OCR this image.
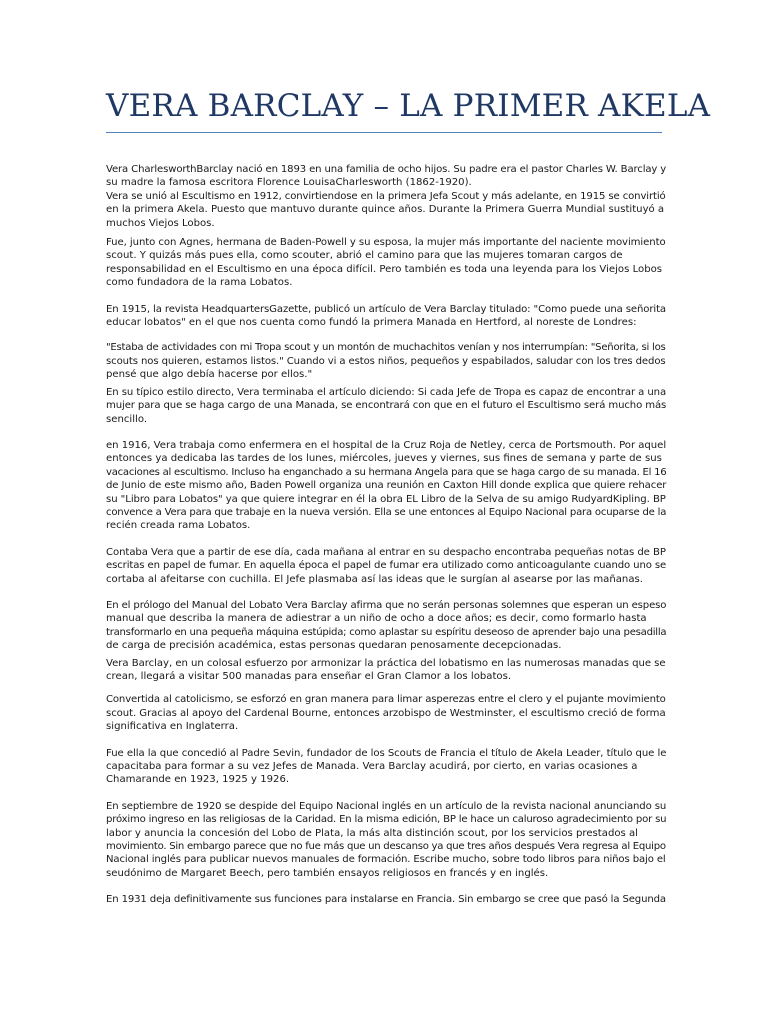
VERA BARCLAY – LA PRIMER AKELA

Vera CharlesworthBarclay nació en 1893 en una familia de ocho hijos. Su padre era el pastor Charles W. Barclay y
su madre la famosa escritora Florence LouisaCharlesworth (1862-1920).
Vera se unió al Escultismo en 1912, convirtiendose en la primera Jefa Scout y más adelante, en 1915 se convirtió
en la primera Akela. Puesto que mantuvo durante quince años. Durante la Primera Guerra Mundial sustituyó a
muchos Viejos Lobos.

Fue, junto con Agnes, hermana de Baden-Powell y su esposa, la mujer más importante del naciente movimiento
scout. Y quizás más pues ella, como scouter, abrió el camino para que las mujeres tomaran cargos de
responsabilidad en el Escultismo en una época difícil. Pero también es toda una leyenda para los Viejos Lobos
como fundadora de la rama Lobatos.

En 1915, la revista HeadquartersGazette, publicó un artículo de Vera Barclay titulado: "Como puede una señorita
educar lobatos" en el que nos cuenta como fundó la primera Manada en Hertford, al noreste de Londres:

"Estaba de actividades con mi Tropa scout y un montón de muchachitos venían y nos interrumpían: "Señorita, si los
scouts nos quieren, estamos listos." Cuando vi a estos niños, pequeños y espabilados, saludar con los tres dedos
pensé que algo debía hacerse por ellos."

En su típico estilo directo, Vera terminaba el artículo diciendo: Si cada Jefe de Tropa es capaz de encontrar a una
mujer para que se haga cargo de una Manada, se encontrará con que en el futuro el Escultismo será mucho más
sencillo.

en 1916, Vera trabaja como enfermera en el hospital de la Cruz Roja de Netley, cerca de Portsmouth. Por aquel
entonces ya dedicaba las tardes de los lunes, miércoles, jueves y viernes, sus fines de semana y parte de sus
vacaciones al escultismo. Incluso ha enganchado a su hermana Angela para que se haga cargo de su manada. El 16
de Junio de este mismo año, Baden Powell organiza una reunión en Caxton Hill donde explica que quiere rehacer
su "Libro para Lobatos" ya que quiere integrar en él la obra EL Libro de la Selva de su amigo RudyardKipling. BP
convence a Vera para que trabaje en la nueva versión. Ella se une entonces al Equipo Nacional para ocuparse de la
recién creada rama Lobatos.

Contaba Vera que a partir de ese día, cada mañana al entrar en su despacho encontraba pequeñas notas de BP
escritas en papel de fumar. En aquella época el papel de fumar era utilizado como anticoagulante cuando uno se
cortaba al afeitarse con cuchilla. El Jefe plasmaba así las ideas que le surgían al asearse por las mañanas.

En el prólogo del Manual del Lobato Vera Barclay afirma que no serán personas solemnes que esperan un espeso
manual que describa la manera de adiestrar a un niño de ocho a doce años; es decir, como formarlo hasta
transformarlo en una pequeña máquina estúpida; como aplastar su espíritu deseoso de aprender bajo una pesadilla
de carga de precisión académica, estas personas quedaran penosamente decepcionadas.

Vera Barclay, en un colosal esfuerzo por armonizar la práctica del lobatismo en las numerosas manadas que se
crean, llegará a visitar 500 manadas para enseñar el Gran Clamor a los lobatos.

Convertida al catolicismo, se esforzó en gran manera para limar asperezas entre el clero y el pujante movimiento
scout. Gracias al apoyo del Cardenal Bourne, entonces arzobispo de Westminster, el escultismo creció de forma
significativa en Inglaterra.

Fue ella la que concedió al Padre Sevin, fundador de los Scouts de Francia el título de Akela Leader, título que le
capacitaba para formar a su vez Jefes de Manada. Vera Barclay acudirá, por cierto, en varias ocasiones a
Chamarande en 1923, 1925 y 1926.

En septiembre de 1920 se despide del Equipo Nacional inglés en un artículo de la revista nacional anunciando su
próximo ingreso en las religiosas de la Caridad. En la misma edición, BP le hace un caluroso agradecimiento por su
labor y anuncia la concesión del Lobo de Plata, la más alta distinción scout, por los servicios prestados al
movimiento. Sin embargo parece que no fue más que un descanso ya que tres años después Vera regresa al Equipo
Nacional inglés para publicar nuevos manuales de formación. Escribe mucho, sobre todo libros para niños bajo el
seudónimo de Margaret Beech, pero también ensayos religiosos en francés y en inglés.

En 1931 deja definitivamente sus funciones para instalarse en Francia. Sin embargo se cree que pasó la Segunda
